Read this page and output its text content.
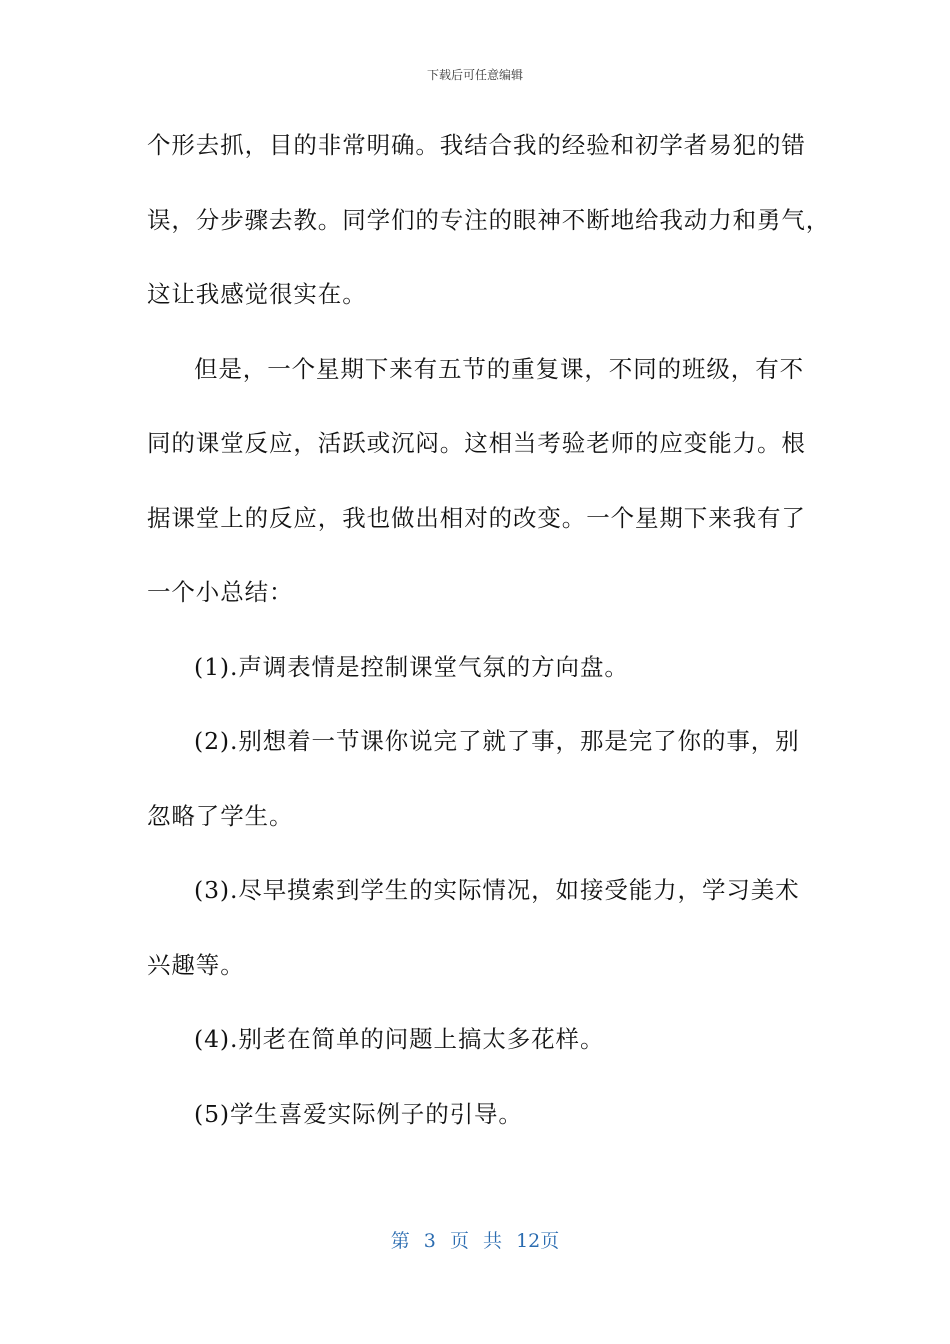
下载后可任意编辑
个形去抓，目的非常明确。我结合我的经验和初学者易犯的错
误，分步骤去教。同学们的专注的眼神不断地给我动力和勇气，
这让我感觉很实在。
但是，一个星期下来有五节的重复课，不同的班级，有不
同的课堂反应，活跃或沉闷。这相当考验老师的应变能力。根
据课堂上的反应，我也做出相对的改变。一个星期下来我有了
一个小总结：
(1).声调表情是控制课堂气氛的方向盘。
(2).别想着一节课你说完了就了事，那是完了你的事，别
忽略了学生。
(3).尽早摸索到学生的实际情况，如接受能力，学习美术
兴趣等。
(4).别老在简单的问题上搞太多花样。
(5)学生喜爱实际例子的引导。
第 3 页 共 12页
